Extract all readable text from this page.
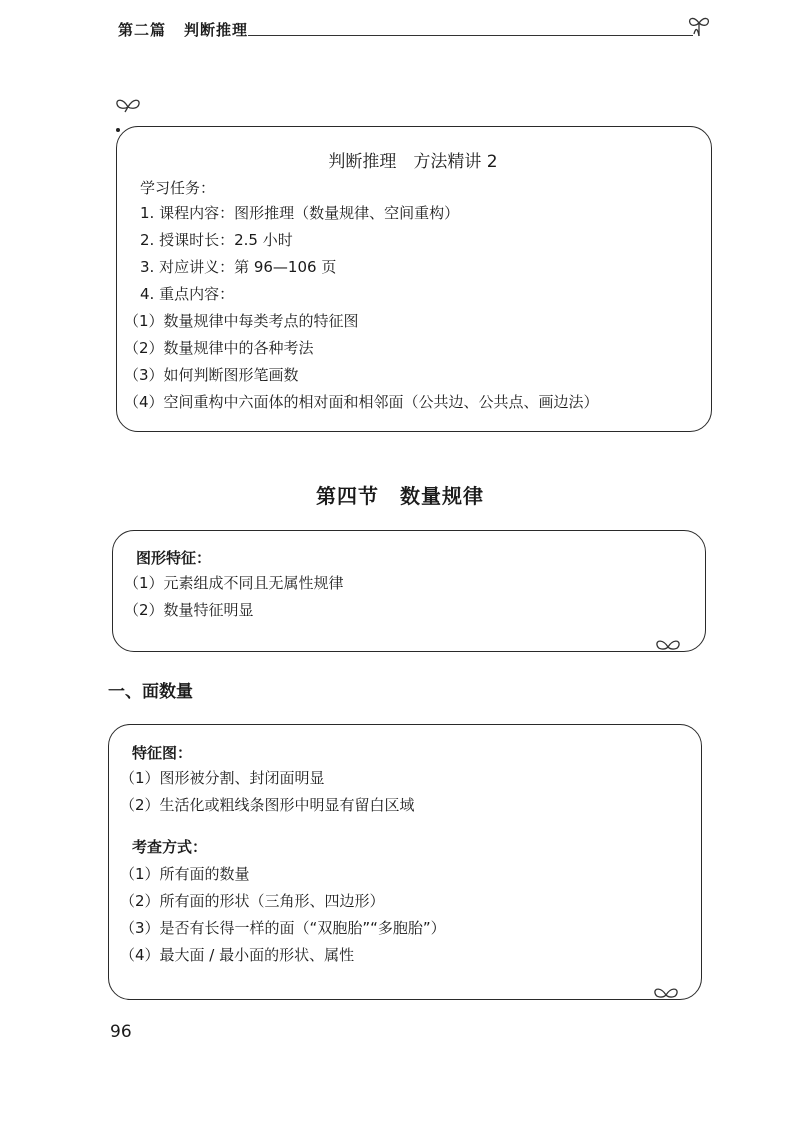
第二篇 判断推理
判断推理　方法精讲 2
学习任务：
1. 课程内容：图形推理（数量规律、空间重构）
2. 授课时长：2.5 小时
3. 对应讲义：第 96—106 页
4. 重点内容：
（1）数量规律中每类考点的特征图
（2）数量规律中的各种考法
（3）如何判断图形笔画数
（4）空间重构中六面体的相对面和相邻面（公共边、公共点、画边法）
第四节　数量规律
图形特征：
（1）元素组成不同且无属性规律
（2）数量特征明显
一、面数量
特征图：
（1）图形被分割、封闭面明显
（2）生活化或粗线条图形中明显有留白区域
考查方式：
（1）所有面的数量
（2）所有面的形状（三角形、四边形）
（3）是否有长得一样的面（“双胞胎”“多胞胎”）
（4）最大面 / 最小面的形状、属性
96
